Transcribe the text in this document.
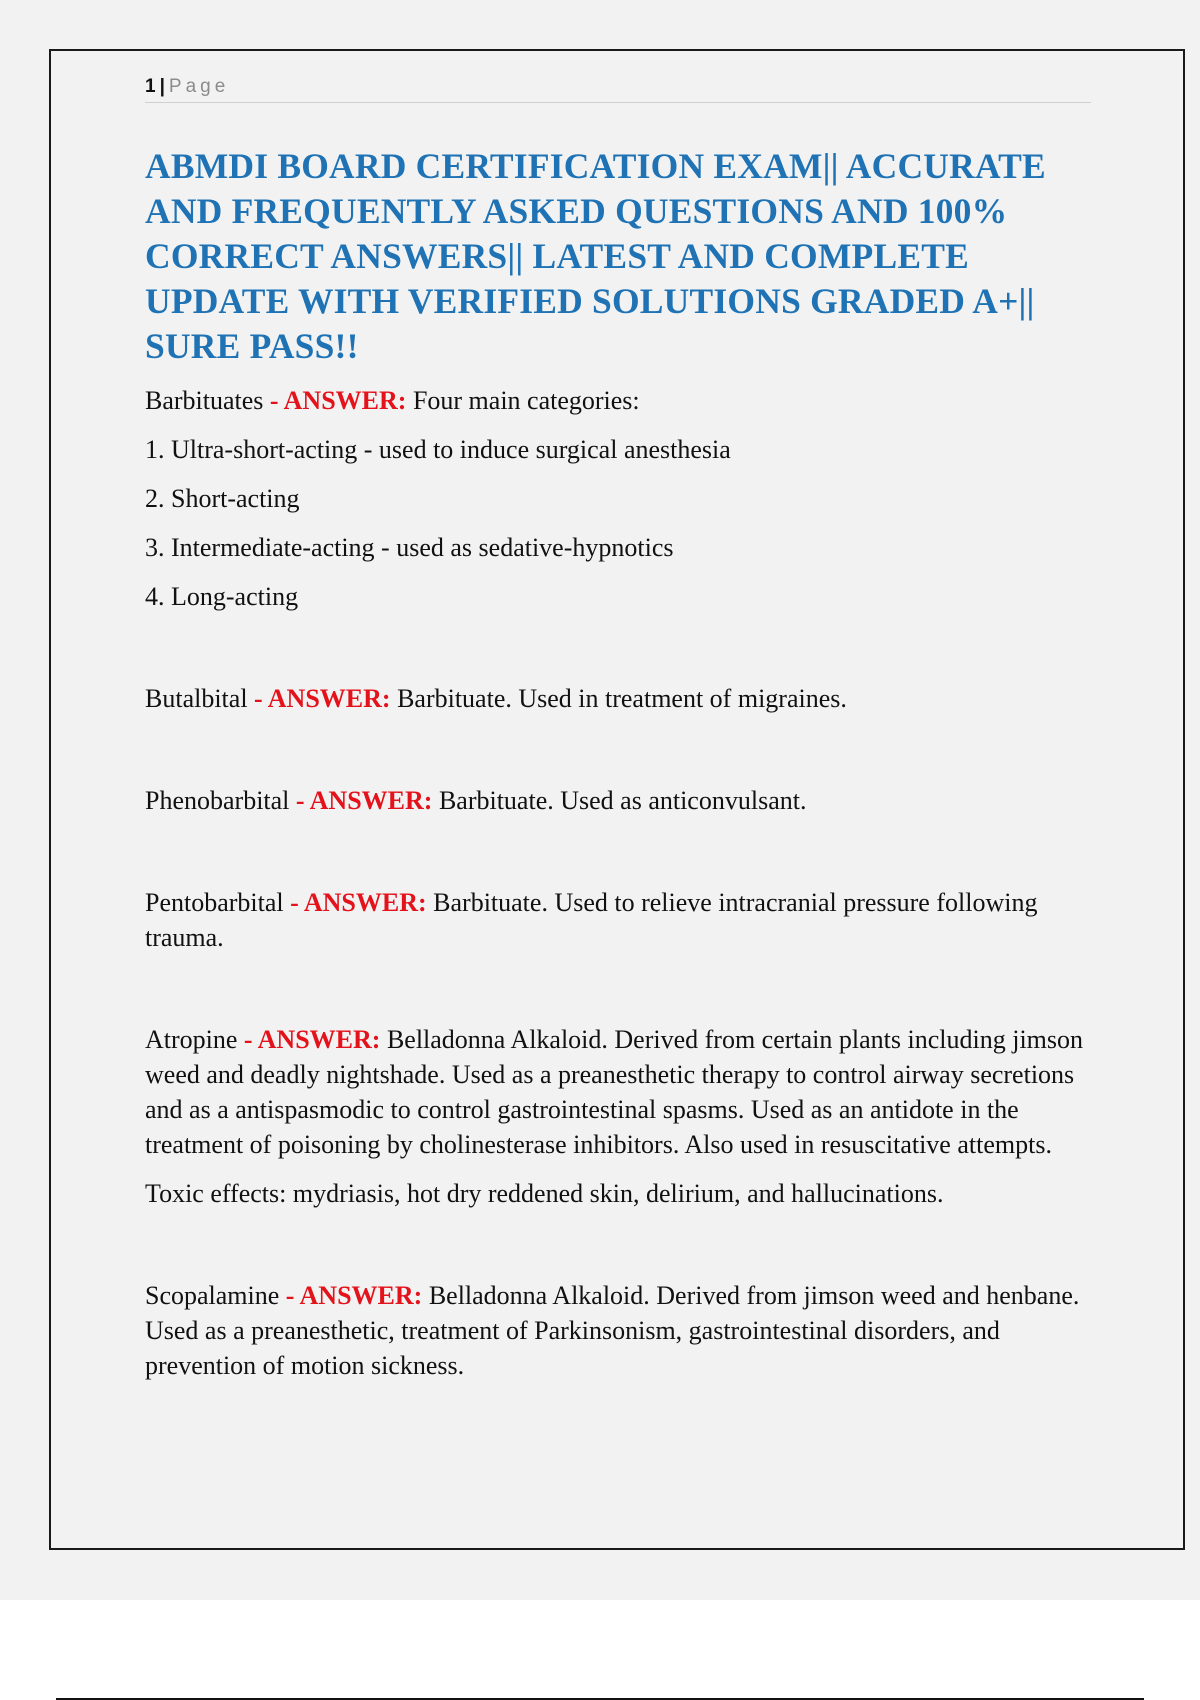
1 | Page
ABMDI BOARD CERTIFICATION EXAM|| ACCURATE AND FREQUENTLY ASKED QUESTIONS AND 100% CORRECT ANSWERS|| LATEST AND COMPLETE UPDATE WITH VERIFIED SOLUTIONS GRADED A+|| SURE PASS!!

Barbituates - ANSWER: Four main categories:

1. Ultra-short-acting - used to induce surgical anesthesia

2. Short-acting

3. Intermediate-acting - used as sedative-hypnotics

4. Long-acting

Butalbital - ANSWER: Barbituate. Used in treatment of migraines.

Phenobarbital - ANSWER: Barbituate. Used as anticonvulsant.

Pentobarbital - ANSWER: Barbituate. Used to relieve intracranial pressure following trauma.

Atropine - ANSWER: Belladonna Alkaloid. Derived from certain plants including jimson weed and deadly nightshade. Used as a preanesthetic therapy to control airway secretions and as a antispasmodic to control gastrointestinal spasms. Used as an antidote in the treatment of poisoning by cholinesterase inhibitors. Also used in resuscitative attempts.

Toxic effects: mydriasis, hot dry reddened skin, delirium, and hallucinations.

Scopalamine - ANSWER: Belladonna Alkaloid. Derived from jimson weed and henbane. Used as a preanesthetic, treatment of Parkinsonism, gastrointestinal disorders, and prevention of motion sickness.
